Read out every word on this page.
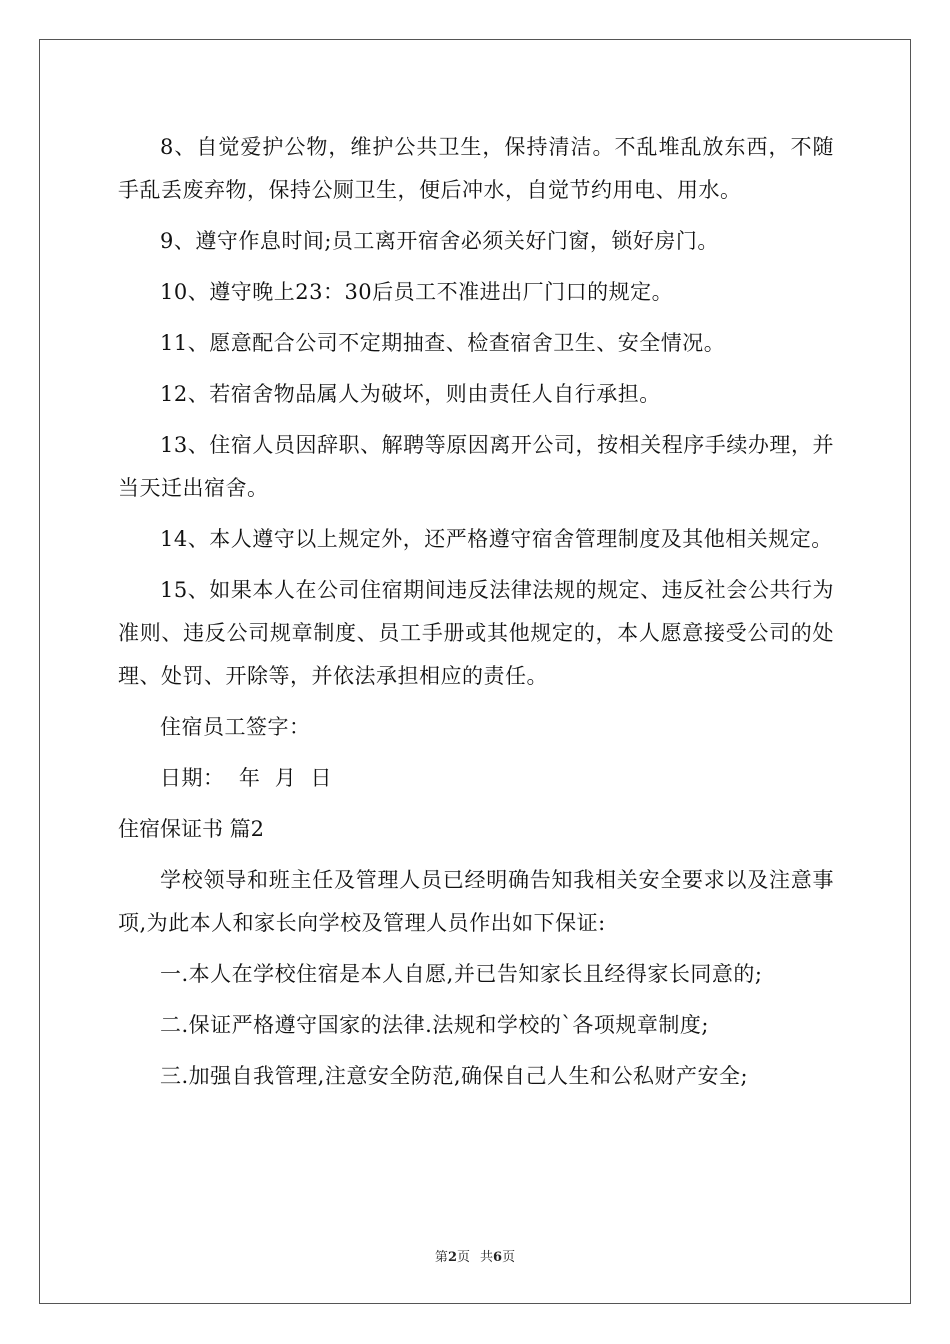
8、自觉爱护公物，维护公共卫生，保持清洁。不乱堆乱放东西，不随手乱丢废弃物，保持公厕卫生，便后冲水，自觉节约用电、用水。

9、遵守作息时间;员工离开宿舍必须关好门窗，锁好房门。

10、遵守晚上23：30后员工不准进出厂门口的规定。

11、愿意配合公司不定期抽查、检查宿舍卫生、安全情况。

12、若宿舍物品属人为破坏，则由责任人自行承担。

13、住宿人员因辞职、解聘等原因离开公司，按相关程序手续办理，并当天迁出宿舍。

14、本人遵守以上规定外，还严格遵守宿舍管理制度及其他相关规定。

15、如果本人在公司住宿期间违反法律法规的规定、违反社会公共行为准则、违反公司规章制度、员工手册或其他规定的，本人愿意接受公司的处理、处罚、开除等，并依法承担相应的责任。

住宿员工签字：

日期：  年  月  日

住宿保证书 篇2

学校领导和班主任及管理人员已经明确告知我相关安全要求以及注意事项,为此本人和家长向学校及管理人员作出如下保证:

一.本人在学校住宿是本人自愿,并已告知家长且经得家长同意的;

二.保证严格遵守国家的法律.法规和学校的`各项规章制度;

三.加强自我管理,注意安全防范,确保自己人生和公私财产安全;

第2页 共6页
